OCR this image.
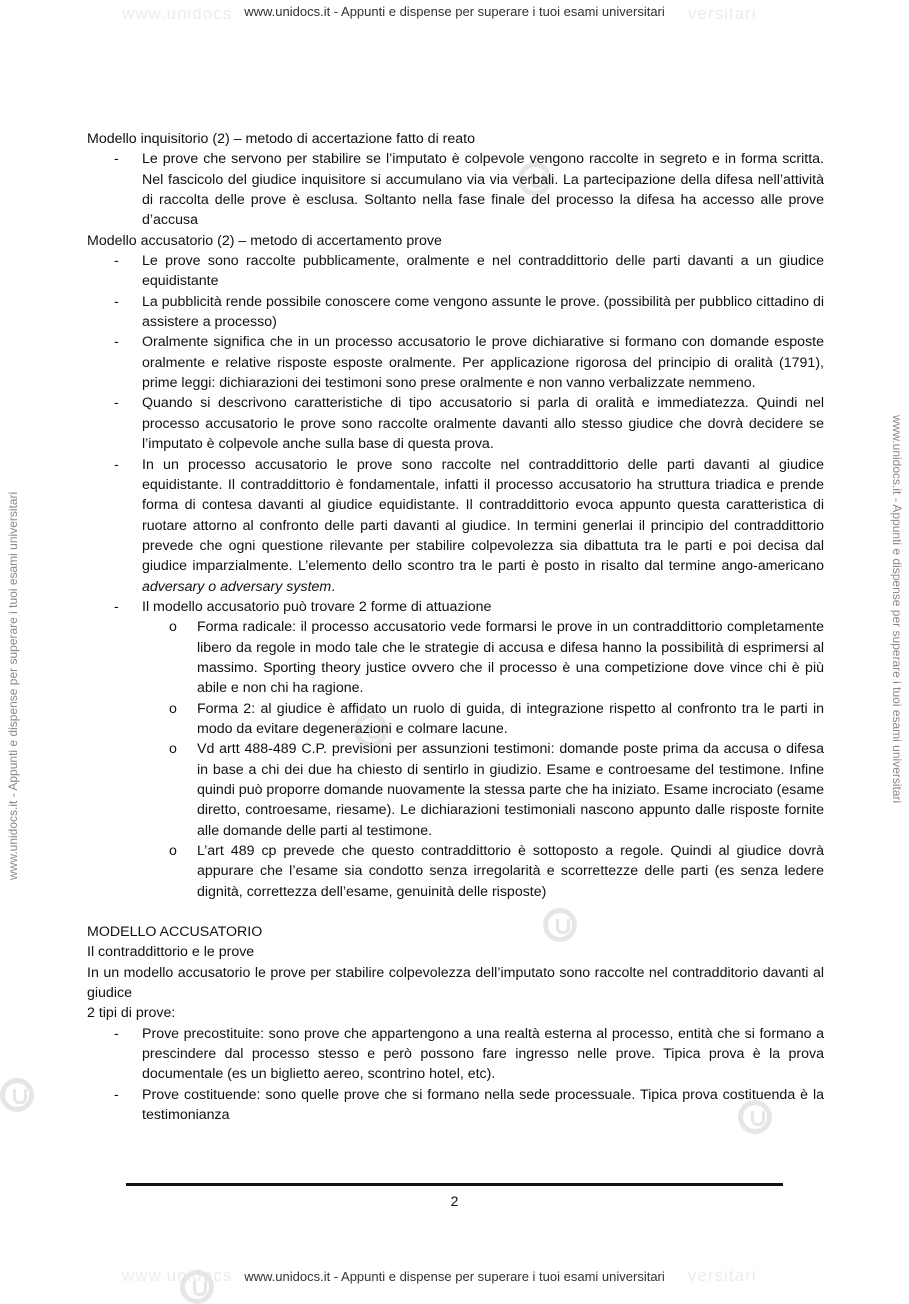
www.unidocs	versitari
www.unidocs	versitari
www.unidocs.it - Appunti e dispense per superare i tuoi esami universitari
www.unidocs.it - Appunti e dispense per superare i tuoi esami universitari
www.unidocs.it - Appunti e dispense per superare i tuoi esami universitari	www.unidocs.it - Appunti e dispense per superare i tuoi esami universitari

Modello inquisitorio (2) – metodo di accertazione fatto di reato

- Le prove che servono per stabilire se l’imputato è colpevole vengono raccolte in segreto e in forma scritta. Nel fascicolo del giudice inquisitore si accumulano via via verbali. La partecipazione della difesa nell’attività di raccolta delle prove è esclusa. Soltanto nella fase finale del processo la difesa ha accesso alle prove d’accusa

Modello accusatorio (2) – metodo di accertamento prove

- Le prove sono raccolte pubblicamente, oralmente e nel contraddittorio delle parti davanti a un giudice equidistante
- La pubblicità rende possibile conoscere come vengono assunte le prove. (possibilità per pubblico cittadino di assistere a processo)
- Oralmente significa che in un processo accusatorio le prove dichiarative si formano con domande esposte oralmente e relative risposte esposte oralmente. Per applicazione rigorosa del principio di oralità (1791), prime leggi: dichiarazioni dei testimoni sono prese oralmente e non vanno verbalizzate nemmeno.
- Quando si descrivono caratteristiche di tipo accusatorio si parla di oralità e immediatezza. Quindi nel processo accusatorio le prove sono raccolte oralmente davanti allo stesso giudice che dovrà decidere se l’imputato è colpevole anche sulla base di questa prova.
- In un processo accusatorio le prove sono raccolte nel contraddittorio delle parti davanti al giudice equidistante. Il contraddittorio è fondamentale, infatti il processo accusatorio ha struttura triadica e prende forma di contesa davanti al giudice equidistante. Il contraddittorio evoca appunto questa caratteristica di ruotare attorno al confronto delle parti davanti al giudice. In termini generlai il principio del contraddittorio prevede che ogni questione rilevante per stabilire colpevolezza sia dibattuta tra le parti e poi decisa dal giudice imparzialmente. L’elemento dello scontro tra le parti è posto in risalto dal termine ango-americano adversary o adversary system.
- Il modello accusatorio può trovare 2 forme di attuazione
o Forma radicale: il processo accusatorio vede formarsi le prove in un contraddittorio completamente libero da regole in modo tale che le strategie di accusa e difesa hanno la possibilità di esprimersi al massimo. Sporting theory justice ovvero che il processo è una competizione dove vince chi è più abile e non chi ha ragione.
o Forma 2: al giudice è affidato un ruolo di guida, di integrazione rispetto al confronto tra le parti in modo da evitare degenerazioni e colmare lacune.
o Vd artt 488-489 C.P. previsioni per assunzioni testimoni: domande poste prima da accusa o difesa in base a chi dei due ha chiesto di sentirlo in giudizio. Esame e controesame del testimone. Infine quindi può proporre domande nuovamente la stessa parte che ha iniziato. Esame incrociato (esame diretto, controesame, riesame). Le dichiarazioni testimoniali nascono appunto dalle risposte fornite alle domande delle parti al testimone.
o L’art 489 cp prevede che questo contraddittorio è sottoposto a regole. Quindi al giudice dovrà appurare che l’esame sia condotto senza irregolarità e scorrettezze delle parti (es senza ledere dignità, correttezza dell’esame, genuinità delle risposte)

MODELLO ACCUSATORIO

Il contraddittorio e le prove

In un modello accusatorio le prove per stabilire colpevolezza dell’imputato sono raccolte nel contradditorio davanti al giudice

2 tipi di prove:

- Prove precostituite: sono prove che appartengono a una realtà esterna al processo, entità che si formano a prescindere dal processo stesso e però possono fare ingresso nelle prove. Tipica prova è la prova documentale (es un biglietto aereo, scontrino hotel, etc).
- Prove costituende: sono quelle prove che si formano nella sede processuale. Tipica prova costituenda è la testimonianza
2
